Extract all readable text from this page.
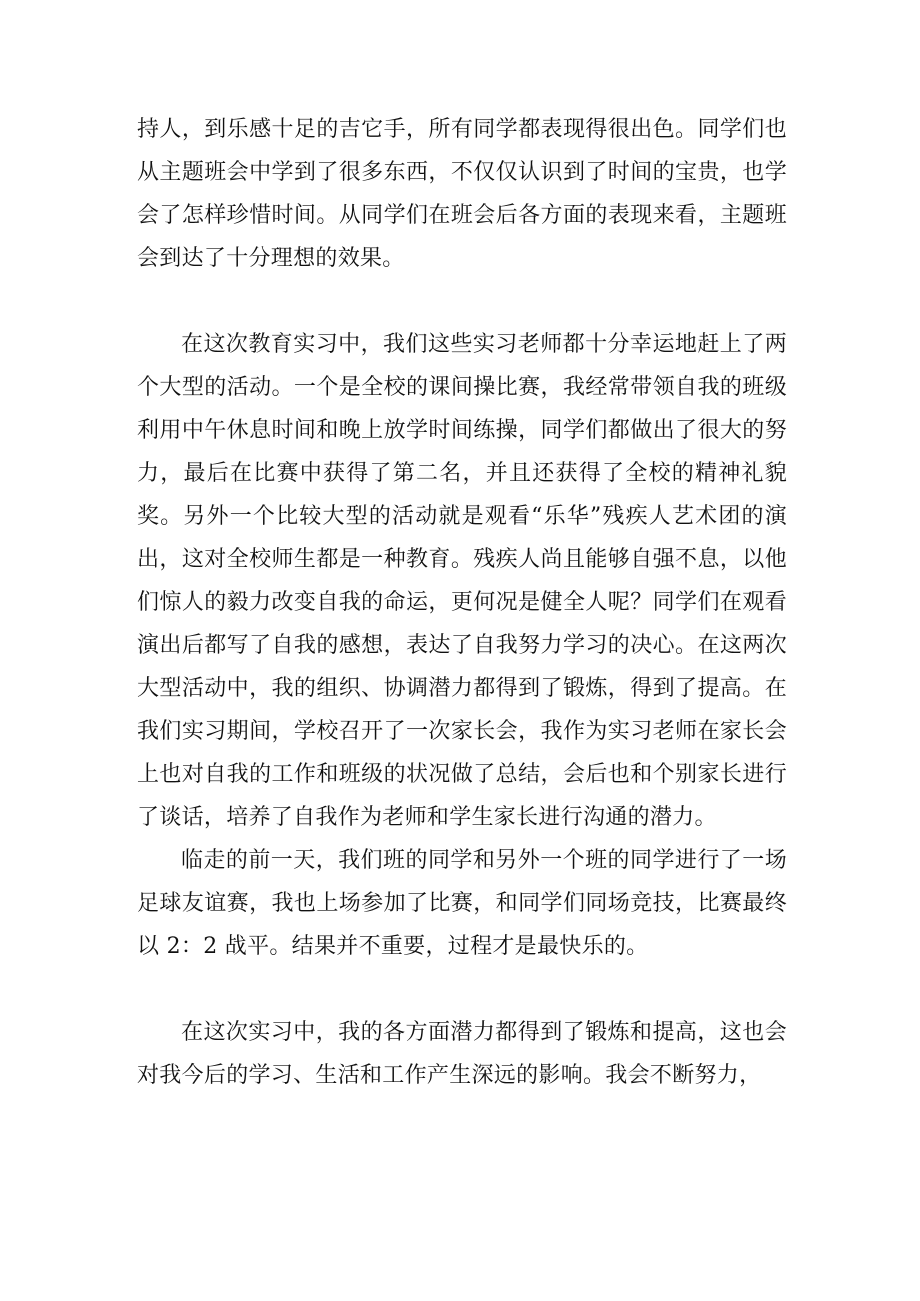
持人，到乐感十足的吉它手，所有同学都表现得很出色。同学们也从主题班会中学到了很多东西，不仅仅认识到了时间的宝贵，也学会了怎样珍惜时间。从同学们在班会后各方面的表现来看，主题班会到达了十分理想的效果。

在这次教育实习中，我们这些实习老师都十分幸运地赶上了两个大型的活动。一个是全校的课间操比赛，我经常带领自我的班级利用中午休息时间和晚上放学时间练操，同学们都做出了很大的努力，最后在比赛中获得了第二名，并且还获得了全校的精神礼貌奖。另外一个比较大型的活动就是观看“乐华”残疾人艺术团的演出，这对全校师生都是一种教育。残疾人尚且能够自强不息，以他们惊人的毅力改变自我的命运，更何况是健全人呢？同学们在观看演出后都写了自我的感想，表达了自我努力学习的决心。在这两次大型活动中，我的组织、协调潜力都得到了锻炼，得到了提高。在我们实习期间，学校召开了一次家长会，我作为实习老师在家长会上也对自我的工作和班级的状况做了总结，会后也和个别家长进行了谈话，培养了自我作为老师和学生家长进行沟通的潜力。

临走的前一天，我们班的同学和另外一个班的同学进行了一场足球友谊赛，我也上场参加了比赛，和同学们同场竞技，比赛最终以 2：2 战平。结果并不重要，过程才是最快乐的。

在这次实习中，我的各方面潜力都得到了锻炼和提高，这也会对我今后的学习、生活和工作产生深远的影响。我会不断努力，
